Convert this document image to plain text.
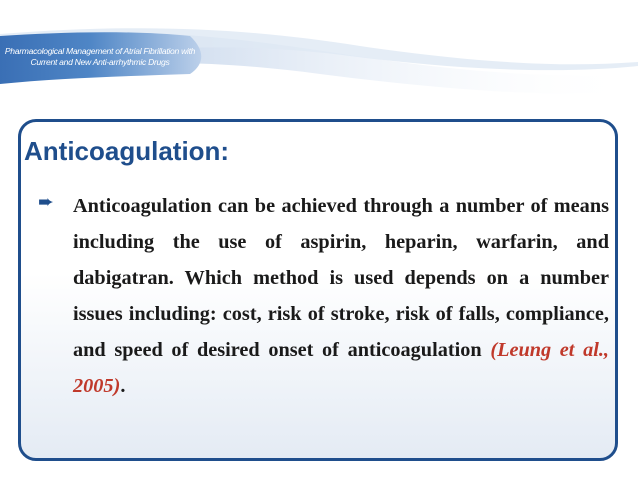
Pharmacological Management of Atrial Fibrillation with
Current and New Anti-arrhythmic Drugs
Anticoagulation:
➨ Anticoagulation can be achieved through a number of means including the use of aspirin, heparin, warfarin, and dabigatran. Which method is used depends on a number issues including: cost, risk of stroke, risk of falls, compliance, and speed of desired onset of anticoagulation (Leung et al., 2005).
